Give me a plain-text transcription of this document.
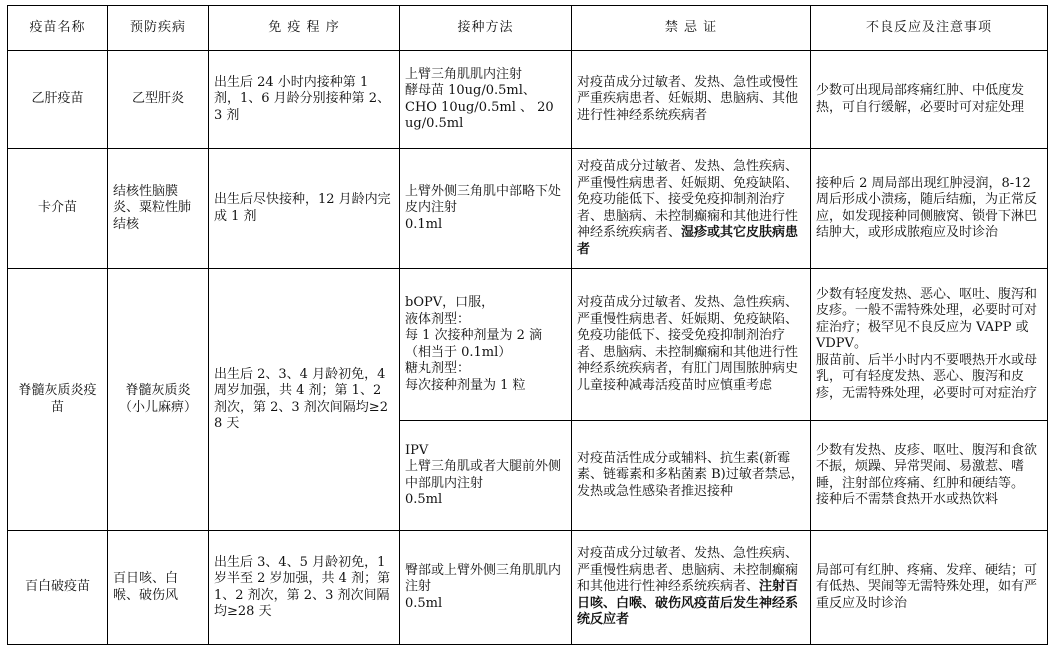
疫苗名称	预防疾病	免 疫 程 序	接种方法	禁 忌 证	不良反应及注意事项
乙肝疫苗	乙型肝炎	出生后 24 小时内接种第 1 剂，1、6 月龄分别接种第 2、3 剂	上臂三角肌肌内注射
酵母苗 10ug/0.5ml、
CHO 10ug/0.5ml 、 20 ug/0.5ml	对疫苗成分过敏者、发热、急性或慢性严重疾病患者、妊娠期、患脑病、其他进行性神经系统疾病者	少数可出现局部疼痛红肿、中低度发热，可自行缓解，必要时可对症处理
卡介苗	结核性脑膜炎、粟粒性肺结核	出生后尽快接种，12 月龄内完成 1 剂	上臂外侧三角肌中部略下处皮内注射
0.1ml	对疫苗成分过敏者、发热、急性疾病、严重慢性病患者、妊娠期、免疫缺陷、免疫功能低下、接受免疫抑制剂治疗者、患脑病、未控制癫痫和其他进行性神经系统疾病者、湿疹或其它皮肤病患者	接种后 2 周局部出现红肿浸润，8-12 周后形成小溃疡，随后结痂，为正常反应，如发现接种同侧腋窝、锁骨下淋巴结肿大，或形成脓疱应及时诊治
脊髓灰质炎疫苗	脊髓灰质炎（小儿麻痹）	出生后 2、3、4 月龄初免，4 周岁加强，共 4 剂；第 1、2 剂次，第 2、3 剂次间隔均≥28 天	bOPV，口服，
液体剂型：
每 1 次接种剂量为 2 滴（相当于 0.1ml）
糖丸剂型：
每次接种剂量为 1 粒	对疫苗成分过敏者、发热、急性疾病、严重慢性病患者、妊娠期、免疫缺陷、免疫功能低下、接受免疫抑制剂治疗者、患脑病、未控制癫痫和其他进行性神经系统疾病者，有肛门周围脓肿病史儿童接种减毒活疫苗时应慎重考虑	少数有轻度发热、恶心、呕吐、腹泻和皮疹。一般不需特殊处理，必要时可对症治疗；极罕见不良反应为 VAPP 或 VDPV。
服苗前、后半小时内不要喂热开水或母乳，可有轻度发热、恶心、腹泻和皮疹，无需特殊处理，必要时可对症治疗
			IPV
上臂三角肌或者大腿前外侧中部肌内注射
0.5ml	对疫苗活性成分或辅料、抗生素(新霉素、链霉素和多粘菌素 B)过敏者禁忌，发热或急性感染者推迟接种	少数有发热、皮疹、呕吐、腹泻和食欲不振，烦躁、异常哭闹、易激惹、嗜睡，注射部位疼痛、红肿和硬结等。
接种后不需禁食热开水或热饮料
百白破疫苗	百日咳、白喉、破伤风	出生后 3、4、5 月龄初免，1 岁半至 2 岁加强，共 4 剂；第 1、2 剂次，第 2、3 剂次间隔均≥28 天	臀部或上臂外侧三角肌肌内注射
0.5ml	对疫苗成分过敏者、发热、急性疾病、严重慢性病患者、患脑病、未控制癫痫和其他进行性神经系统疾病者、注射百日咳、白喉、破伤风疫苗后发生神经系统反应者	局部可有红肿、疼痛、发痒、硬结；可有低热、哭闹等无需特殊处理，如有严重反应及时诊治
